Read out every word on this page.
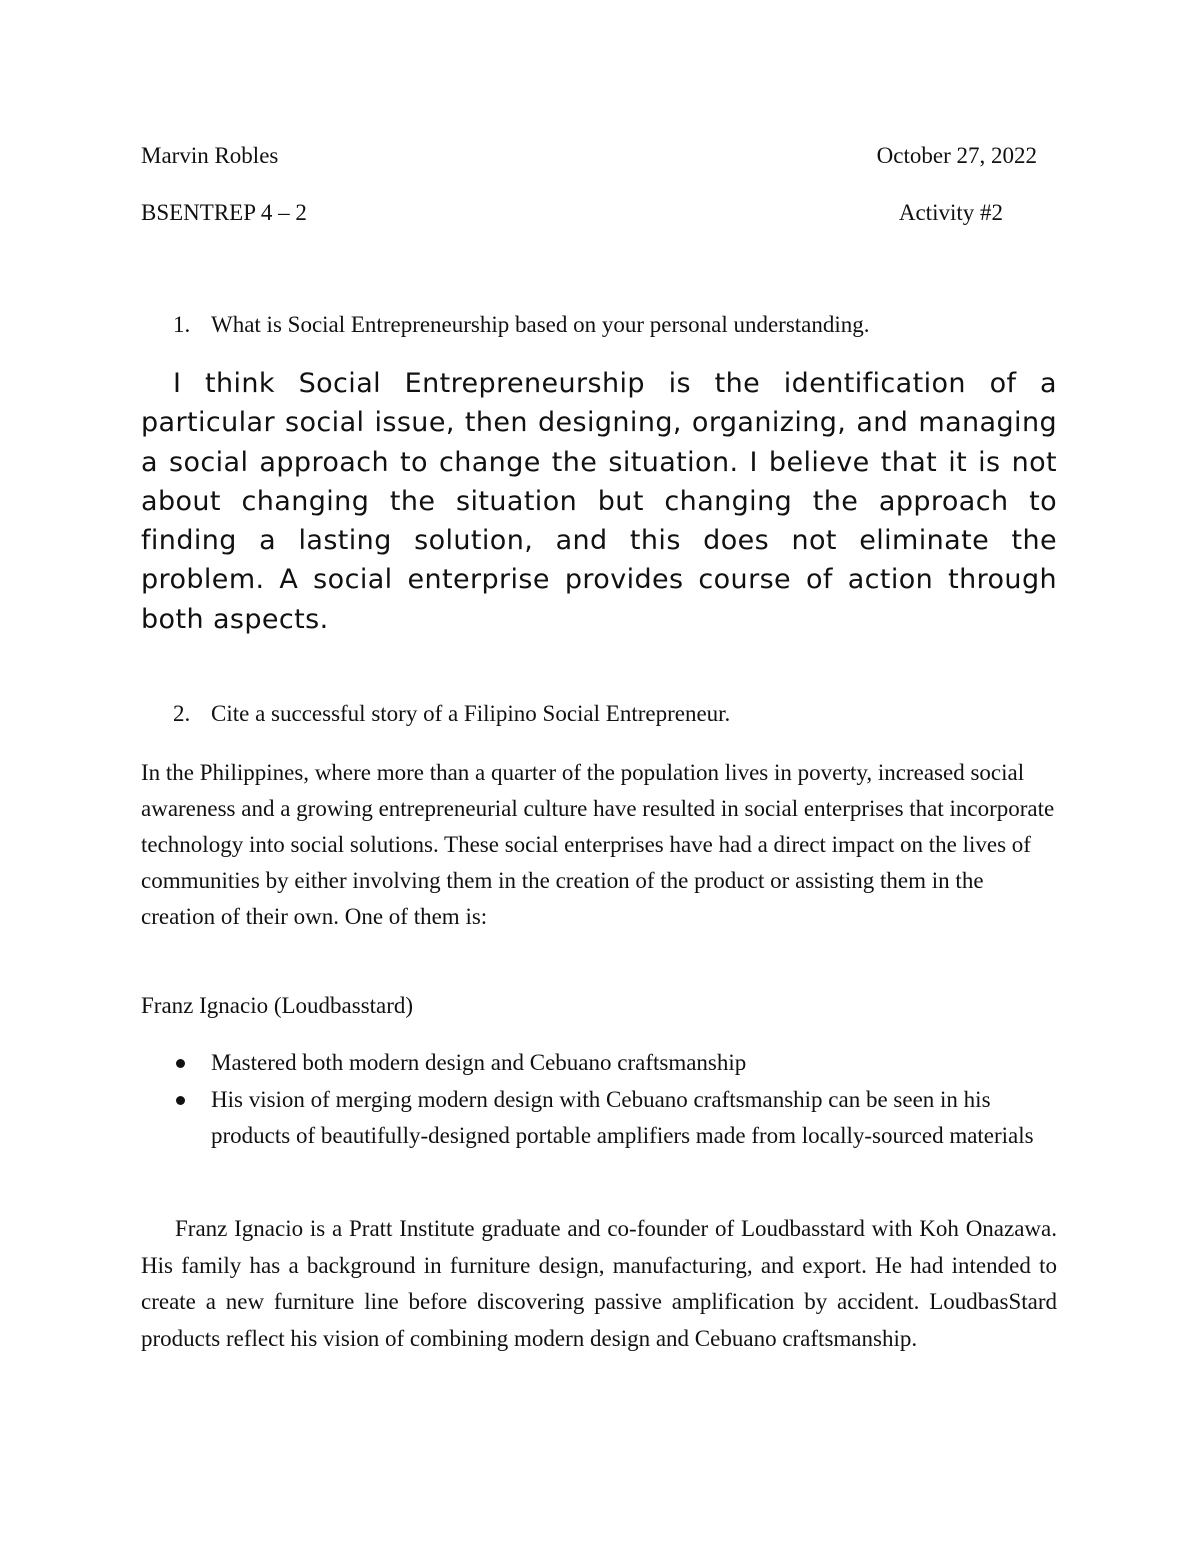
Marvin Robles	October 27, 2022
BSENTREP 4 – 2	Activity #2
1. What is Social Entrepreneurship based on your personal understanding.

I think Social Entrepreneurship is the identification of a particular social issue, then designing, organizing, and managing a social approach to change the situation. I believe that it is not about changing the situation but changing the approach to finding a lasting solution, and this does not eliminate the problem. A social enterprise provides course of action through both aspects.

2. Cite a successful story of a Filipino Social Entrepreneur.

In the Philippines, where more than a quarter of the population lives in poverty, increased social awareness and a growing entrepreneurial culture have resulted in social enterprises that incorporate technology into social solutions. These social enterprises have had a direct impact on the lives of communities by either involving them in the creation of the product or assisting them in the creation of their own. One of them is:

Franz Ignacio (Loudbasstard)
Mastered both modern design and Cebuano craftsmanship
His vision of merging modern design with Cebuano craftsmanship can be seen in his products of beautifully-designed portable amplifiers made from locally-sourced materials

Franz Ignacio is a Pratt Institute graduate and co-founder of Loudbasstard with Koh Onazawa. His family has a background in furniture design, manufacturing, and export. He had intended to create a new furniture line before discovering passive amplification by accident. LoudbasStard products reflect his vision of combining modern design and Cebuano craftsmanship.
